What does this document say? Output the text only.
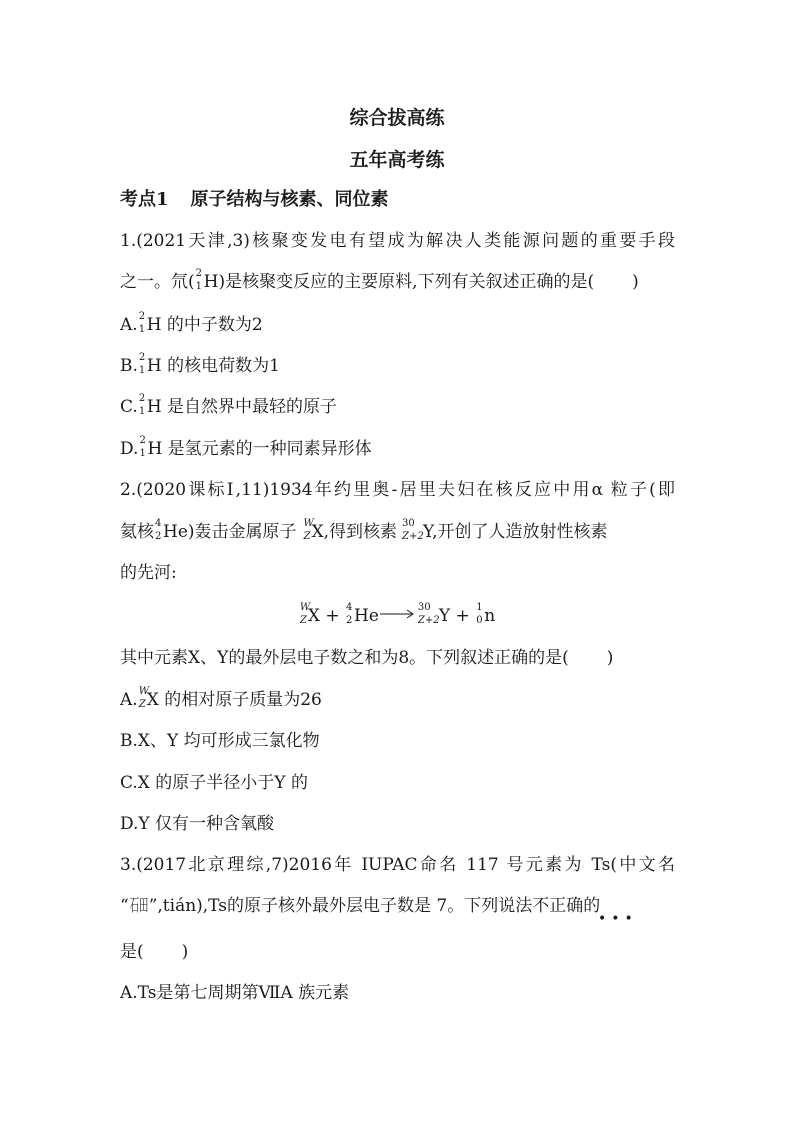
综合拔高练
五年高考练
考点1 原子结构与核素、同位素
1.(2021天津,3)核聚变发电有望成为解决人类能源问题的重要手段
之一。氘( 2
1 H)是核聚变反应的主要原料,下列有关叙述正确的是( )
A. 2
1 H 的中子数为2
B. 2
1 H 的核电荷数为1
C. 2
1 H 是自然界中最轻的原子
D. 2
1 H 是氢元素的一种同素异形体
2.(2020课标Ⅰ,11)1934年约里奥-居里夫妇在核反应中用α 粒子(即
氦核 4
2 He)轰击金属原子 W
Z X,得到核素 30
Z+2 Y,开创了人造放射性核素
的先河:
W
Z X + 4
2 He→ 30
Z+2 Y + 1
0 n
其中元素X、Y的最外层电子数之和为8。下列叙述正确的是( )
A. W
Z X 的相对原子质量为26
B.X、Y 均可形成三氯化物
C.X 的原子半径小于Y 的
D.Y 仅有一种含氧酸
3.(2017北京理综,7)2016年 IUPAC命名 117 号元素为 Ts(中文名
“石田”,tián),Ts的原子核外最外层电子数是 7。下列说法不正确的
•••
是( )
A.Ts是第七周期第ⅦA 族元素
